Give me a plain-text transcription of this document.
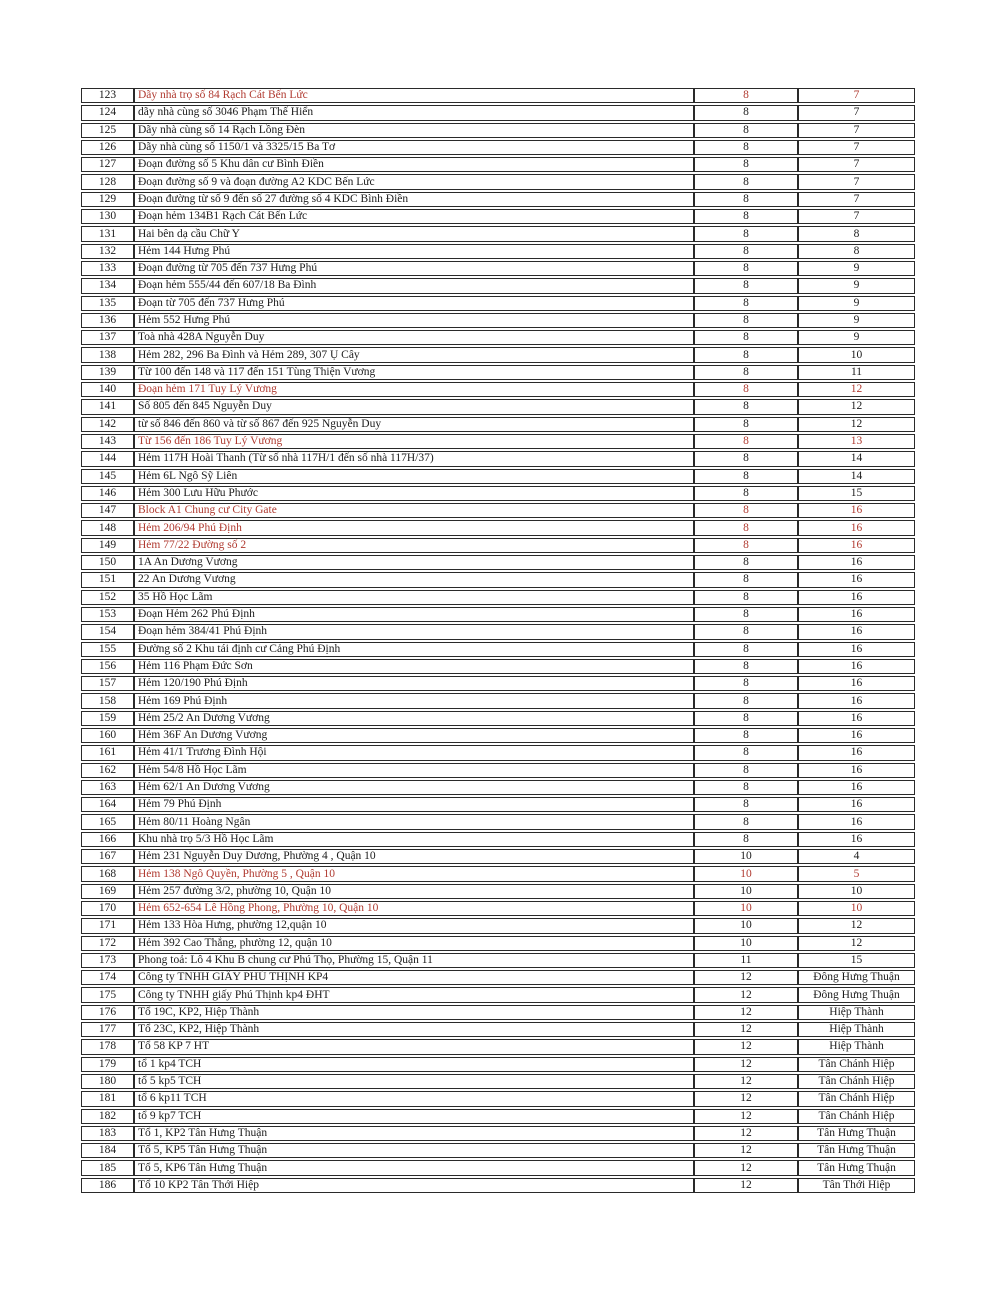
123	Dãy nhà trọ số 84 Rạch Cát Bến Lức	8	7
124	dãy nhà cùng số 3046 Phạm Thế Hiển	8	7
125	Dãy nhà cùng số 14 Rạch Lồng Đèn	8	7
126	Dãy nhà cùng số 1150/1 và 3325/15 Ba Tơ	8	7
127	Đoạn đường số 5 Khu dân cư Bình Điền	8	7
128	Đoạn đường số 9 và đoạn đường A2 KDC Bến Lức	8	7
129	Đoạn đường từ số 9 đến số 27 đường số 4 KDC Bình Điền	8	7
130	Đoạn hẻm 134B1 Rạch Cát Bến Lức	8	7
131	Hai bên dạ cầu Chữ Y	8	8
132	Hẻm 144 Hưng Phú	8	8
133	Đoạn đường từ 705 đến 737 Hưng Phú	8	9
134	Đoạn hẻm 555/44 đến 607/18 Ba Đình	8	9
135	Đoạn từ 705 đến 737 Hưng Phú	8	9
136	Hẻm 552 Hưng Phú	8	9
137	Toà nhà 428A Nguyễn Duy	8	9
138	Hẻm 282, 296 Ba Đình và Hẻm 289, 307 Ụ Cây	8	10
139	Từ 100 đến 148 và 117 đến 151 Tùng Thiện Vương	8	11
140	Đoạn hẻm 171 Tuy Lý Vương	8	12
141	Số 805 đến 845 Nguyễn Duy	8	12
142	từ số 846 đến 860 và từ số 867 đến 925 Nguyễn Duy	8	12
143	Từ 156 đến 186 Tuy Lý Vương	8	13
144	Hẻm 117H Hoài Thanh (Từ số nhà 117H/1 đến số nhà 117H/37)	8	14
145	Hẻm 6L Ngô Sỹ Liên	8	14
146	Hẻm 300 Lưu Hữu Phước	8	15
147	Block A1 Chung cư City Gate	8	16
148	Hẻm 206/94 Phú Định	8	16
149	Hẻm 77/22 Đường số 2	8	16
150	1A An Dương Vương	8	16
151	22 An Dương Vương	8	16
152	35 Hồ Học Lãm	8	16
153	Đoạn Hẻm 262 Phú Định	8	16
154	Đoạn hẻm 384/41 Phú Định	8	16
155	Đường số 2 Khu tái định cư Cảng Phú Định	8	16
156	Hẻm 116 Phạm Đức Sơn	8	16
157	Hẻm 120/190 Phú Định	8	16
158	Hẻm 169 Phú Định	8	16
159	Hẻm 25/2 An Dương Vương	8	16
160	Hẻm 36F An Dương Vương	8	16
161	Hẻm 41/1 Trương Đình Hội	8	16
162	Hẻm 54/8 Hồ Học Lãm	8	16
163	Hẻm 62/1 An Dương Vương	8	16
164	Hẻm 79 Phú Định	8	16
165	Hẻm 80/11 Hoàng Ngân	8	16
166	Khu nhà trọ 5/3 Hồ Học Lãm	8	16
167	Hẻm 231 Nguyễn Duy Dương, Phường 4 , Quận 10	10	4
168	Hẻm 138 Ngô Quyền, Phường 5 , Quận 10	10	5
169	Hẻm 257 đường 3/2, phường 10, Quận 10	10	10
170	Hẻm 652-654 Lê Hồng Phong, Phường 10, Quận 10	10	10
171	Hẻm 133 Hòa Hưng, phường 12,quận 10	10	12
172	Hẻm 392 Cao Thắng, phường 12, quận 10	10	12
173	Phong toả: Lô 4 Khu B chung cư Phú Thọ, Phường 15, Quận 11	11	15
174	Công ty TNHH GIẤY PHÚ THỊNH KP4	12	Đông Hưng Thuận
175	Công ty TNHH giấy Phú Thịnh kp4 ĐHT	12	Đông Hưng Thuận
176	Tổ 19C, KP2, Hiệp Thành	12	Hiệp Thành
177	Tổ 23C, KP2, Hiệp Thành	12	Hiệp Thành
178	Tổ 58 KP 7 HT	12	Hiệp Thành
179	tổ 1 kp4 TCH	12	Tân Chánh Hiệp
180	tổ 5 kp5 TCH	12	Tân Chánh Hiệp
181	tổ 6 kp11 TCH	12	Tân Chánh Hiệp
182	tổ 9 kp7 TCH	12	Tân Chánh Hiệp
183	Tổ 1, KP2 Tân Hưng Thuận	12	Tân Hưng Thuận
184	Tổ 5, KP5 Tân Hưng Thuận	12	Tân Hưng Thuận
185	Tổ 5, KP6 Tân Hưng Thuận	12	Tân Hưng Thuận
186	Tổ 10 KP2 Tân Thới Hiệp	12	Tân Thới Hiệp
